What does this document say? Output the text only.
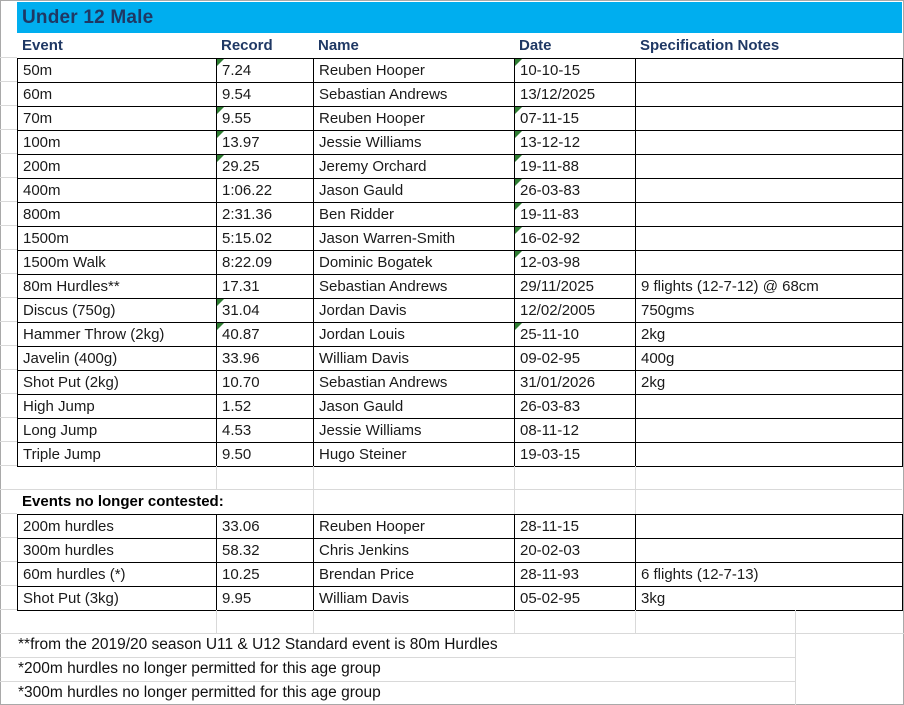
Under 12 Male
Event	Record	Name	Date	Specification Notes
50m	7.24	Reuben Hooper	10-10-15	
60m	9.54	Sebastian Andrews	13/12/2025	
70m	9.55	Reuben Hooper	07-11-15	
100m	13.97	Jessie Williams	13-12-12	
200m	29.25	Jeremy Orchard	19-11-88	
400m	1:06.22	Jason Gauld	26-03-83	
800m	2:31.36	Ben Ridder	19-11-83	
1500m	5:15.02	Jason Warren-Smith	16-02-92	
1500m Walk	8:22.09	Dominic Bogatek	12-03-98	
80m Hurdles**	17.31	Sebastian Andrews	29/11/2025	9 flights (12-7-12) @ 68cm
Discus (750g)	31.04	Jordan Davis	12/02/2005	750gms
Hammer Throw (2kg)	40.87	Jordan Louis	25-11-10	2kg
Javelin (400g)	33.96	William Davis	09-02-95	400g
Shot Put (2kg)	10.70	Sebastian Andrews	31/01/2026	2kg
High Jump	1.52	Jason Gauld	26-03-83	
Long Jump	4.53	Jessie Williams	08-11-12	
Triple Jump	9.50	Hugo Steiner	19-03-15	
Events no longer contested:
200m hurdles	33.06	Reuben Hooper	28-11-15	
300m hurdles	58.32	Chris Jenkins	20-02-03	
60m hurdles (*)	10.25	Brendan Price	28-11-93	6 flights (12-7-13)
Shot Put (3kg)	9.95	William Davis	05-02-95	3kg
**from the 2019/20 season U11 & U12 Standard event is 80m Hurdles
*200m hurdles no longer permitted for this age group
*300m hurdles no longer permitted for this age group
